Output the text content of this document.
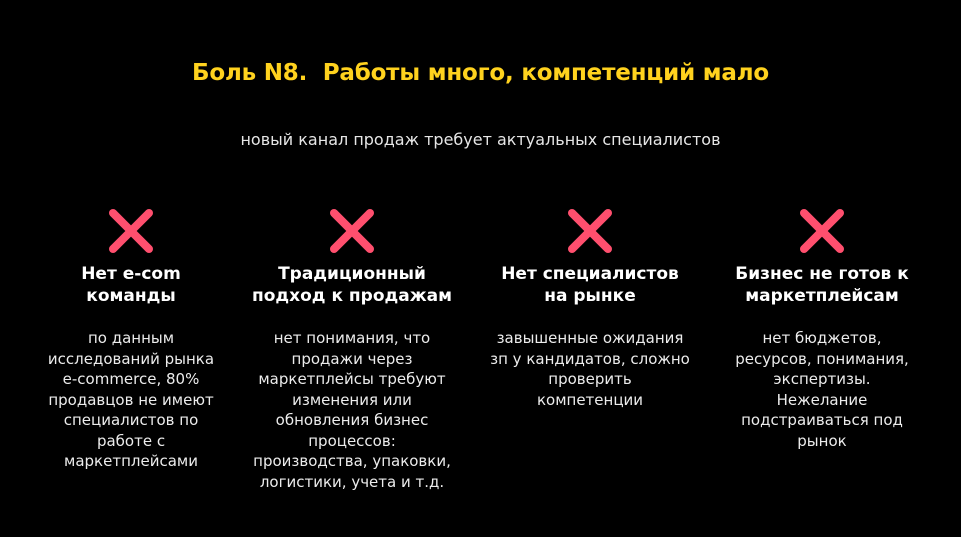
Боль N8.  Работы много, компетенций мало
новый канал продаж требует актуальных специалистов
Нет e-com
команды
по данным
исследований рынка
e-commerce, 80%
продавцов не имеют
специалистов по
работе с
маркетплейсами
Традиционный
подход к продажам
нет понимания, что
продажи через
маркетплейсы требуют
изменения или
обновления бизнес
процессов:
производства, упаковки,
логистики, учета и т.д.
Нет специалистов
на рынке
завышенные ожидания
зп у кандидатов, сложно
проверить
компетенции
Бизнес не готов к
маркетплейсам
нет бюджетов,
ресурсов, понимания,
экспертизы.
Нежелание
подстраиваться под
рынок
